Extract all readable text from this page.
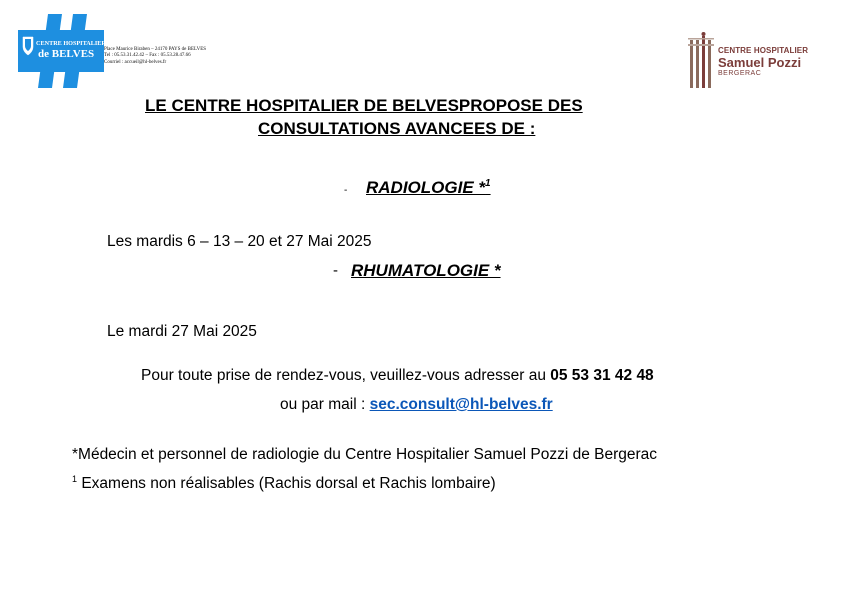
CENTRE HOSPITALIER
de BELVES Place Maurice Biraben – 24170 PAYS de BELVES
Tel : 05.53.31.42.42 – Fax : 05.53.28.47.66
Courriel : accueil@hl-belves.fr
CENTRE HOSPITALIER
Samuel Pozzi
BERGERAC
LE CENTRE HOSPITALIER DE BELVESPROPOSE DES
CONSULTATIONS AVANCEES DE :
- RADIOLOGIE *$^1$
Les mardis 6 – 13 – 20 et 27 Mai 2025
- RHUMATOLOGIE *
Le mardi 27 Mai 2025
Pour toute prise de rendez-vous, veuillez-vous adresser au 05 53 31 42 48
ou par mail : sec.consult@hl-belves.fr
*Médecin et personnel de radiologie du Centre Hospitalier Samuel Pozzi de Bergerac
$^1$ Examens non réalisables (Rachis dorsal et Rachis lombaire)
